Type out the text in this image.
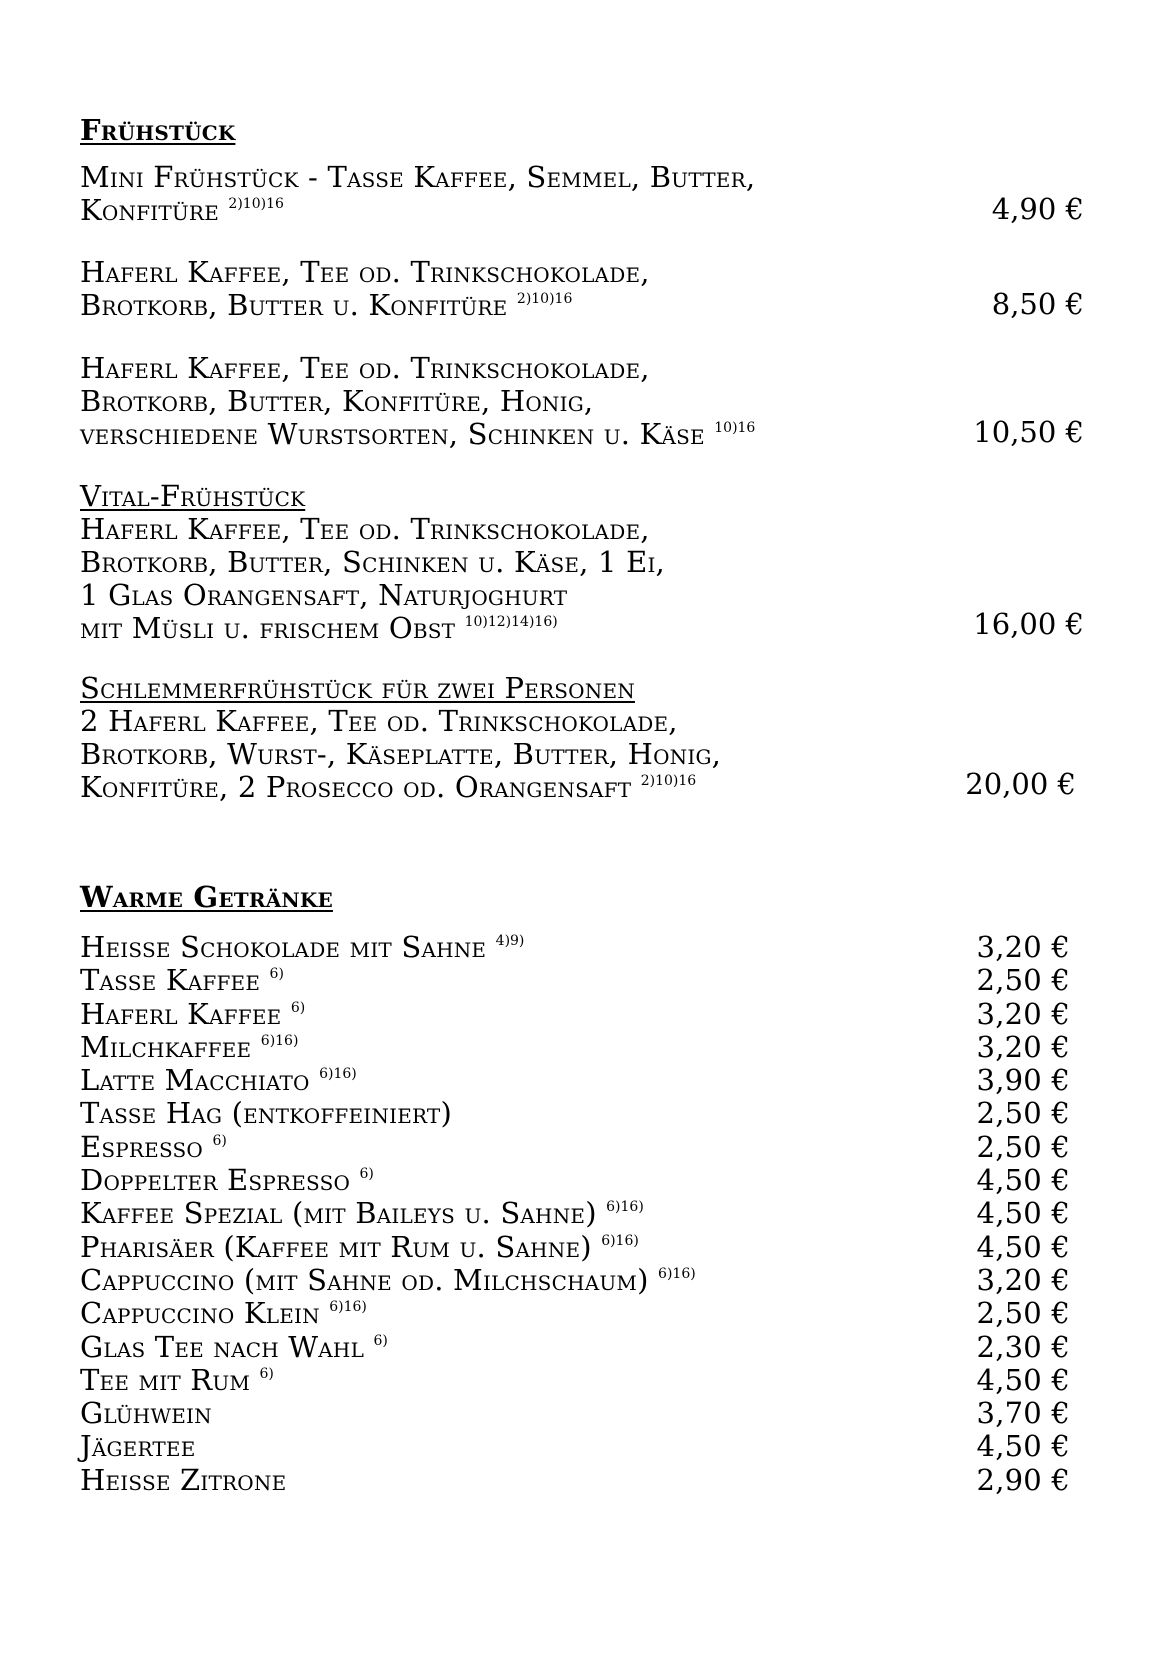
Frühstück
Mini Frühstück - Tasse Kaffee, Semmel, Butter,
Konfitüre $^{2)10)16}$	4,90 €
Haferl Kaffee, Tee od. Trinkschokolade,
Brotkorb, Butter u. Konfitüre $^{2)10)16}$	8,50 €
Haferl Kaffee, Tee od. Trinkschokolade,
Brotkorb, Butter, Konfitüre, Honig,
verschiedene Wurstsorten, Schinken u. Käse $^{10)16}$	10,50 €
Vital-Frühstück
Haferl Kaffee, Tee od. Trinkschokolade,
Brotkorb, Butter, Schinken u. Käse, 1 Ei,
1 Glas Orangensaft, Naturjoghurt
mit Müsli u. frischem Obst $^{10)12)14)16)}$	16,00 €
Schlemmerfrühstück für zwei Personen
2 Haferl Kaffee, Tee od. Trinkschokolade,
Brotkorb, Wurst-, Käseplatte, Butter, Honig,
Konfitüre, 2 Prosecco od. Orangensaft $^{2)10)16}$	20,00 €
Warme Getränke
Heisse Schokolade mit Sahne $^{4)9)}$	3,20 €
Tasse Kaffee $^{6)}$	2,50 €
Haferl Kaffee $^{6)}$	3,20 €
Milchkaffee $^{6)16)}$	3,20 €
Latte Macchiato $^{6)16)}$	3,90 €
Tasse Hag (entkoffeiniert)	2,50 €
Espresso $^{6)}$	2,50 €
Doppelter Espresso $^{6)}$	4,50 €
Kaffee Spezial (mit Baileys u. Sahne) $^{6)16)}$	4,50 €
Pharisäer (Kaffee mit Rum u. Sahne) $^{6)16)}$	4,50 €
Cappuccino (mit Sahne od. Milchschaum) $^{6)16)}$	3,20 €
Cappuccino Klein $^{6)16)}$	2,50 €
Glas Tee nach Wahl $^{6)}$	2,30 €
Tee mit Rum $^{6)}$	4,50 €
Glühwein	3,70 €
Jägertee	4,50 €
Heisse Zitrone	2,90 €
